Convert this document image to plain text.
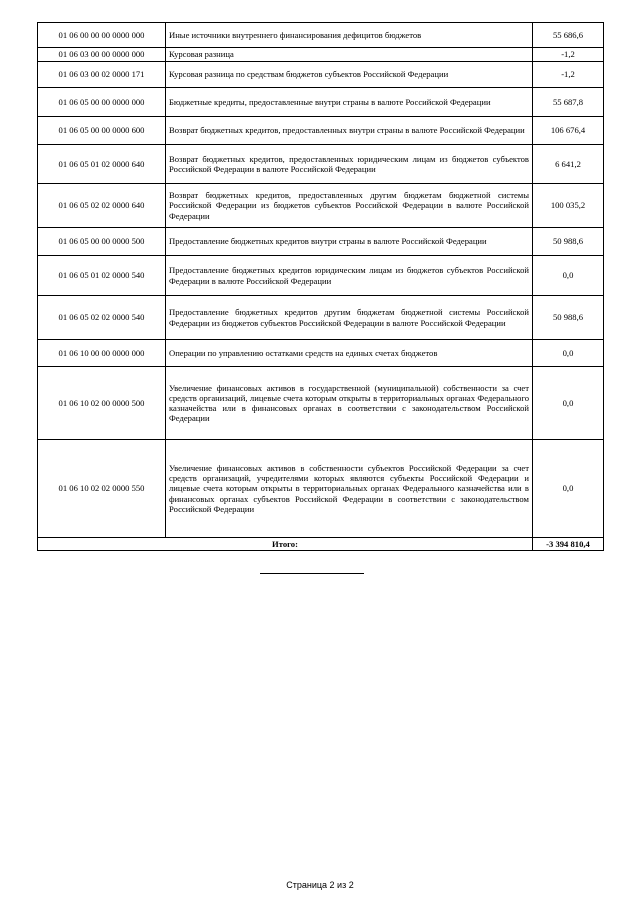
01 06 00 00 00 0000 000	Иные источники внутреннего финансирования дефицитов бюджетов	55 686,6
01 06 03 00 00 0000 000	Курсовая разница	-1,2
01 06 03 00 02 0000 171	Курсовая разница по средствам бюджетов субъектов Российской Федерации	-1,2
01 06 05 00 00 0000 000	Бюджетные кредиты, предоставленные внутри страны в валюте Российской Федерации	55 687,8
01 06 05 00 00 0000 600	Возврат бюджетных кредитов, предоставленных внутри страны в валюте Российской Федерации	106 676,4
01 06 05 01 02 0000 640	Возврат бюджетных кредитов, предоставленных юридическим лицам из бюджетов субъектов Российской Федерации в валюте Российской Федерации	6 641,2
01 06 05 02 02 0000 640	Возврат бюджетных кредитов, предоставленных другим бюджетам бюджетной системы Российской Федерации из бюджетов субъектов Российской Федерации в валюте Российской Федерации	100 035,2
01 06 05 00 00 0000 500	Предоставление бюджетных кредитов внутри страны в валюте Российской Федерации	50 988,6
01 06 05 01 02 0000 540	Предоставление бюджетных кредитов юридическим лицам из бюджетов субъектов Российской Федерации в валюте Российской Федерации	0,0
01 06 05 02 02 0000 540	Предоставление бюджетных кредитов другим бюджетам бюджетной системы Российской Федерации из бюджетов субъектов Российской Федерации в валюте Российской Федерации	50 988,6
01 06 10 00 00 0000 000	Операции по управлению остатками средств на единых счетах бюджетов	0,0
01 06 10 02 00 0000 500	Увеличение финансовых активов в государственной (муниципальной) собственности за счет средств организаций, лицевые счета которым открыты в территориальных органах Федерального казначейства или в финансовых органах в соответствии с законодательством Российской Федерации	0,0
01 06 10 02 02 0000 550	Увеличение финансовых активов в собственности субъектов Российской Федерации за счет средств организаций, учредителями которых являются субъекты Российской Федерации и лицевые счета которым открыты в территориальных органах Федерального казначейства или в финансовых органах субъектов Российской Федерации в соответствии с законодательством Российской Федерации	0,0
Итого:		-3 394 810,4
Страница 2 из 2
